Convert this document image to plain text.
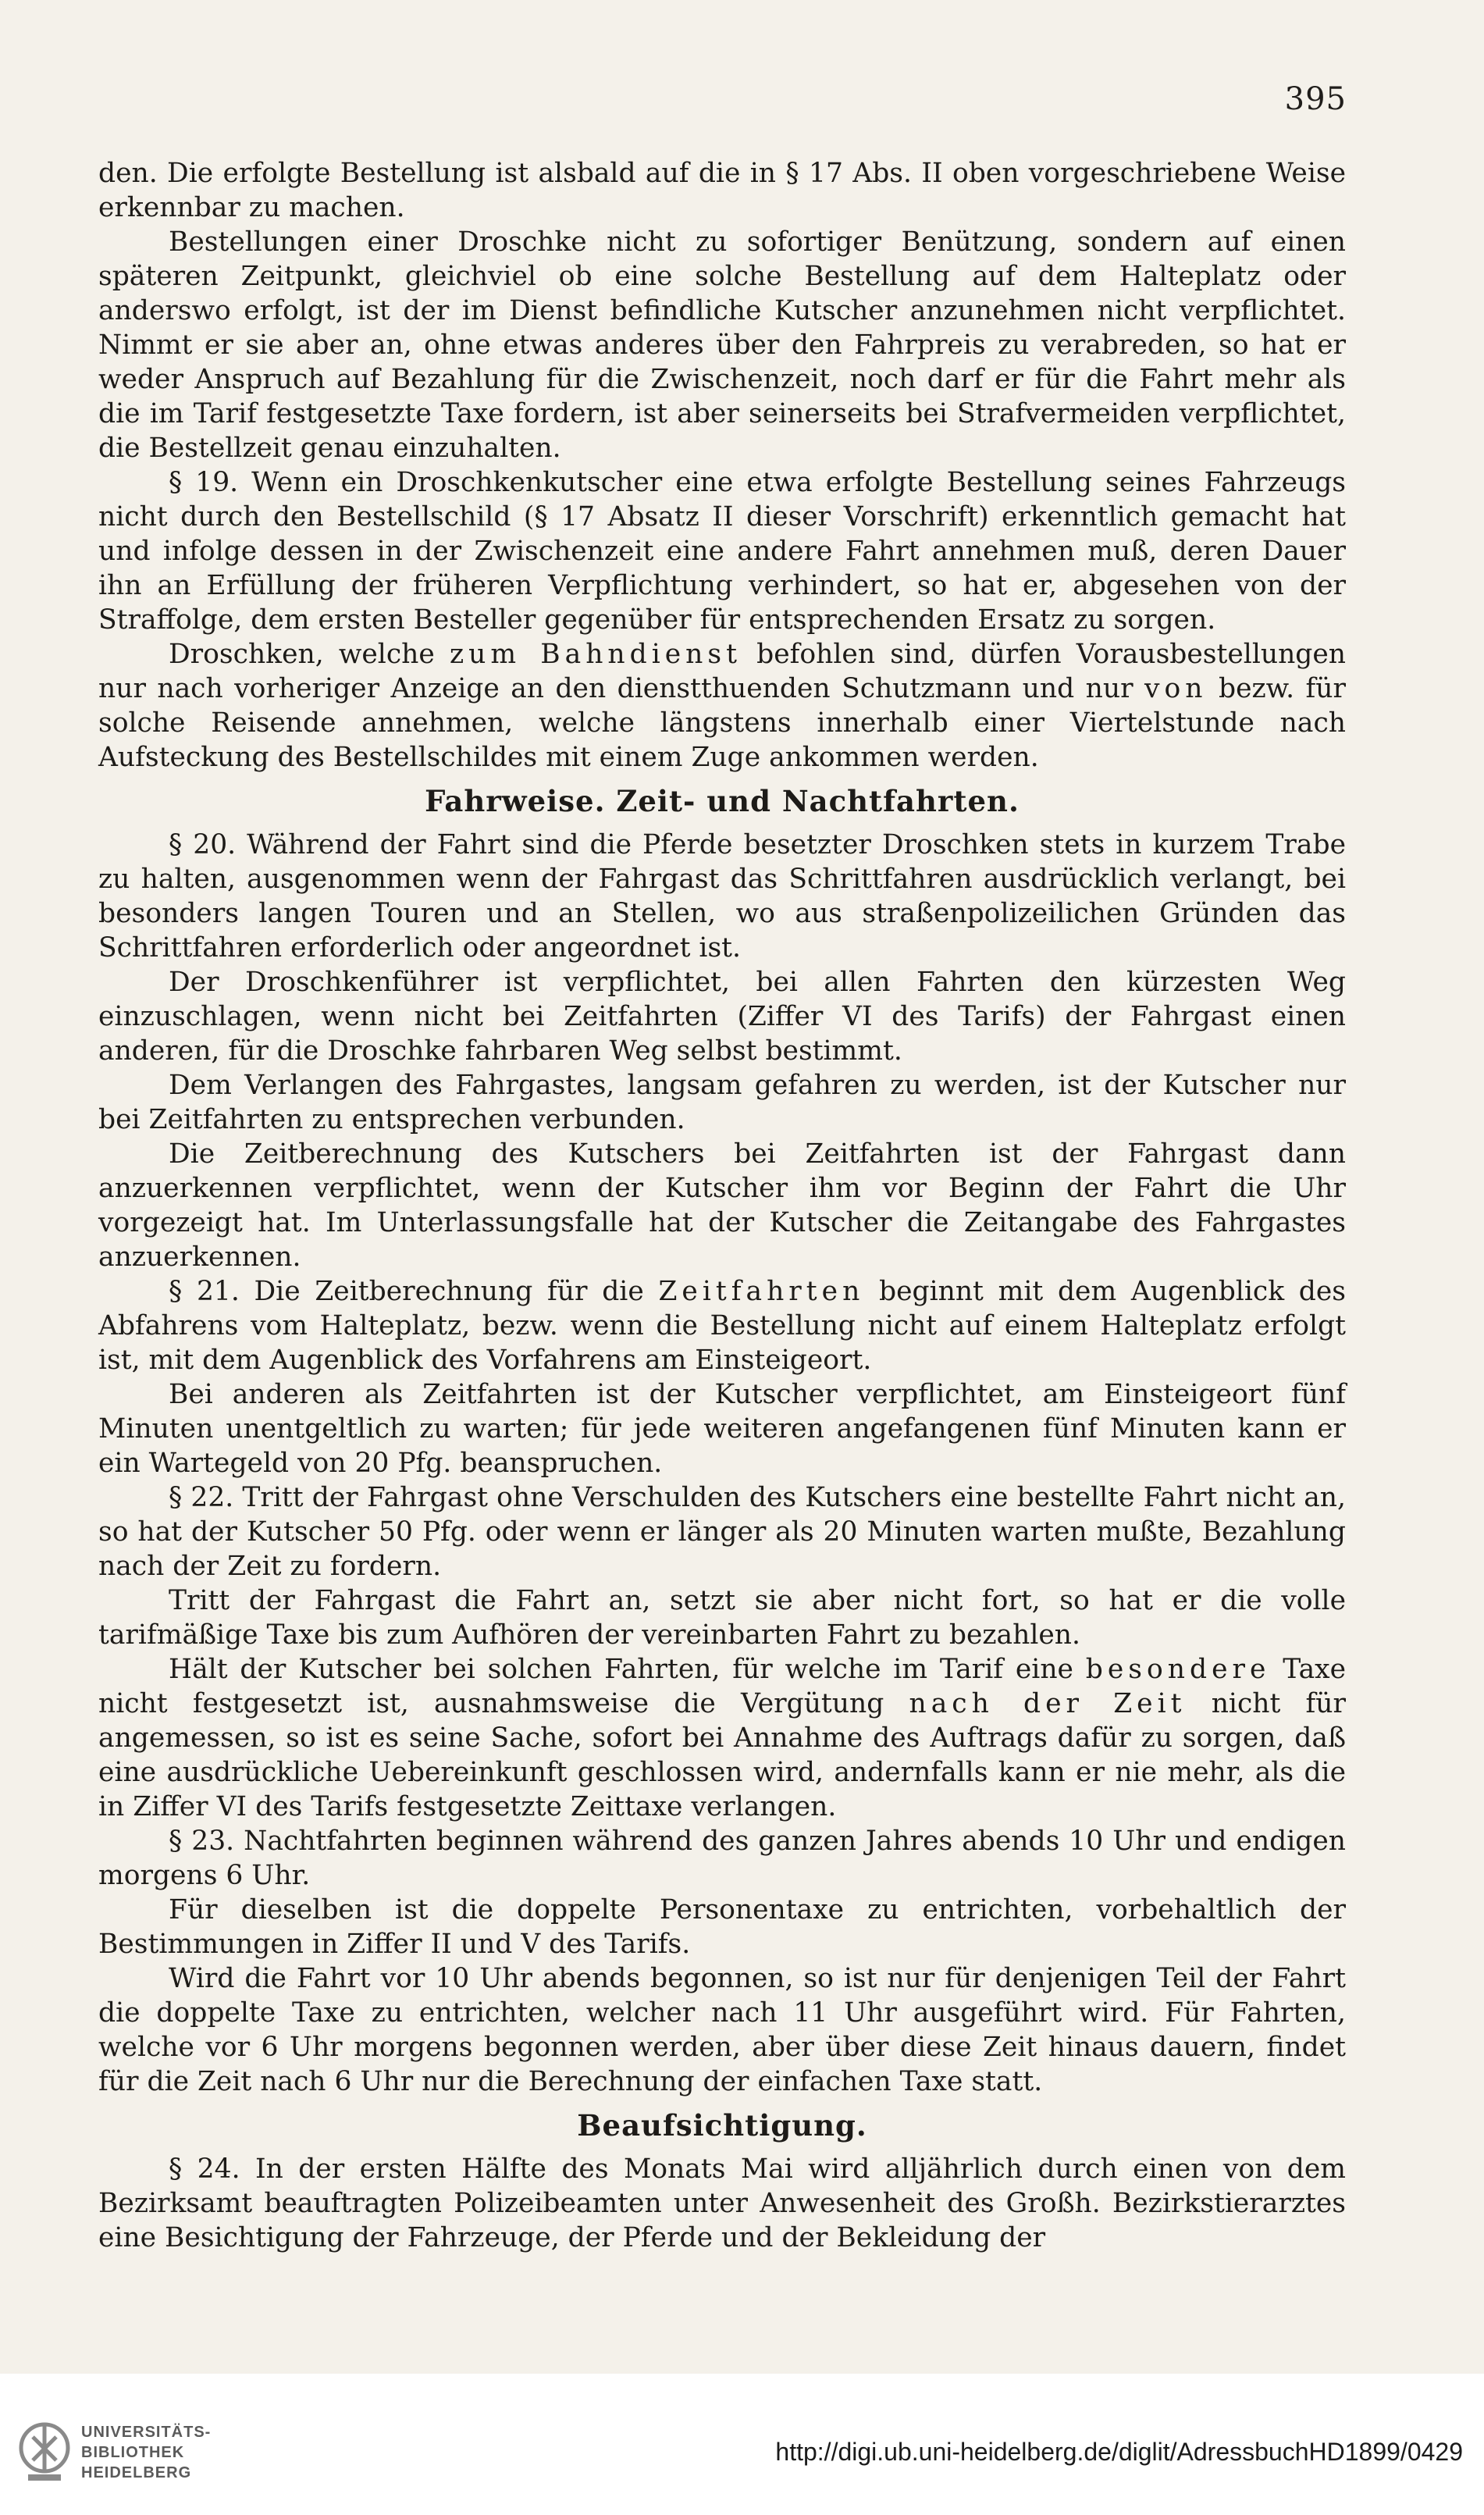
395

den. Die erfolgte Bestellung ist alsbald auf die in § 17 Abs. II oben vorgeschriebene Weise erkennbar zu machen.

Bestellungen einer Droschke nicht zu sofortiger Benützung, sondern auf einen späteren Zeitpunkt, gleichviel ob eine solche Bestellung auf dem Halteplatz oder anderswo erfolgt, ist der im Dienst befindliche Kutscher anzunehmen nicht verpflichtet. Nimmt er sie aber an, ohne etwas anderes über den Fahrpreis zu verabreden, so hat er weder Anspruch auf Bezahlung für die Zwischenzeit, noch darf er für die Fahrt mehr als die im Tarif festgesetzte Taxe fordern, ist aber seinerseits bei Strafvermeiden verpflichtet, die Bestellzeit genau einzuhalten.

§ 19. Wenn ein Droschkenkutscher eine etwa erfolgte Bestellung seines Fahrzeugs nicht durch den Bestellschild (§ 17 Absatz II dieser Vorschrift) erkenntlich gemacht hat und infolge dessen in der Zwischenzeit eine andere Fahrt annehmen muß, deren Dauer ihn an Erfüllung der früheren Verpflichtung verhindert, so hat er, abgesehen von der Straffolge, dem ersten Besteller gegenüber für entsprechenden Ersatz zu sorgen.

Droschken, welche zum Bahndienst befohlen sind, dürfen Vorausbestellungen nur nach vorheriger Anzeige an den dienstthuenden Schutzmann und nur von bezw. für solche Reisende annehmen, welche längstens innerhalb einer Viertelstunde nach Aufsteckung des Bestellschildes mit einem Zuge ankommen werden.

Fahrweise. Zeit- und Nachtfahrten.

§ 20. Während der Fahrt sind die Pferde besetzter Droschken stets in kurzem Trabe zu halten, ausgenommen wenn der Fahrgast das Schrittfahren ausdrücklich verlangt, bei besonders langen Touren und an Stellen, wo aus straßenpolizeilichen Gründen das Schrittfahren erforderlich oder angeordnet ist.

Der Droschkenführer ist verpflichtet, bei allen Fahrten den kürzesten Weg einzuschlagen, wenn nicht bei Zeitfahrten (Ziffer VI des Tarifs) der Fahrgast einen anderen, für die Droschke fahrbaren Weg selbst bestimmt.

Dem Verlangen des Fahrgastes, langsam gefahren zu werden, ist der Kutscher nur bei Zeitfahrten zu entsprechen verbunden.

Die Zeitberechnung des Kutschers bei Zeitfahrten ist der Fahrgast dann anzuerkennen verpflichtet, wenn der Kutscher ihm vor Beginn der Fahrt die Uhr vorgezeigt hat. Im Unterlassungsfalle hat der Kutscher die Zeitangabe des Fahrgastes anzuerkennen.

§ 21. Die Zeitberechnung für die Zeitfahrten beginnt mit dem Augenblick des Abfahrens vom Halteplatz, bezw. wenn die Bestellung nicht auf einem Halteplatz erfolgt ist, mit dem Augenblick des Vorfahrens am Einsteigeort.

Bei anderen als Zeitfahrten ist der Kutscher verpflichtet, am Einsteigeort fünf Minuten unentgeltlich zu warten; für jede weiteren angefangenen fünf Minuten kann er ein Wartegeld von 20 Pfg. beanspruchen.

§ 22. Tritt der Fahrgast ohne Verschulden des Kutschers eine bestellte Fahrt nicht an, so hat der Kutscher 50 Pfg. oder wenn er länger als 20 Minuten warten mußte, Bezahlung nach der Zeit zu fordern.

Tritt der Fahrgast die Fahrt an, setzt sie aber nicht fort, so hat er die volle tarifmäßige Taxe bis zum Aufhören der vereinbarten Fahrt zu bezahlen.

Hält der Kutscher bei solchen Fahrten, für welche im Tarif eine besondere Taxe nicht festgesetzt ist, ausnahmsweise die Vergütung nach der Zeit nicht für angemessen, so ist es seine Sache, sofort bei Annahme des Auftrags dafür zu sorgen, daß eine ausdrückliche Uebereinkunft geschlossen wird, andernfalls kann er nie mehr, als die in Ziffer VI des Tarifs festgesetzte Zeittaxe verlangen.

§ 23. Nachtfahrten beginnen während des ganzen Jahres abends 10 Uhr und endigen morgens 6 Uhr.

Für dieselben ist die doppelte Personentaxe zu entrichten, vorbehaltlich der Bestimmungen in Ziffer II und V des Tarifs.

Wird die Fahrt vor 10 Uhr abends begonnen, so ist nur für denjenigen Teil der Fahrt die doppelte Taxe zu entrichten, welcher nach 11 Uhr ausgeführt wird. Für Fahrten, welche vor 6 Uhr morgens begonnen werden, aber über diese Zeit hinaus dauern, findet für die Zeit nach 6 Uhr nur die Berechnung der einfachen Taxe statt.

Beaufsichtigung.

§ 24. In der ersten Hälfte des Monats Mai wird alljährlich durch einen von dem Bezirksamt beauftragten Polizeibeamten unter Anwesenheit des Großh. Bezirkstierarztes eine Besichtigung der Fahrzeuge, der Pferde und der Bekleidung der

UNIVERSITÄTS-
BIBLIOTHEK
HEIDELBERG
http://digi.ub.uni-heidelberg.de/diglit/AdressbuchHD1899/0429
